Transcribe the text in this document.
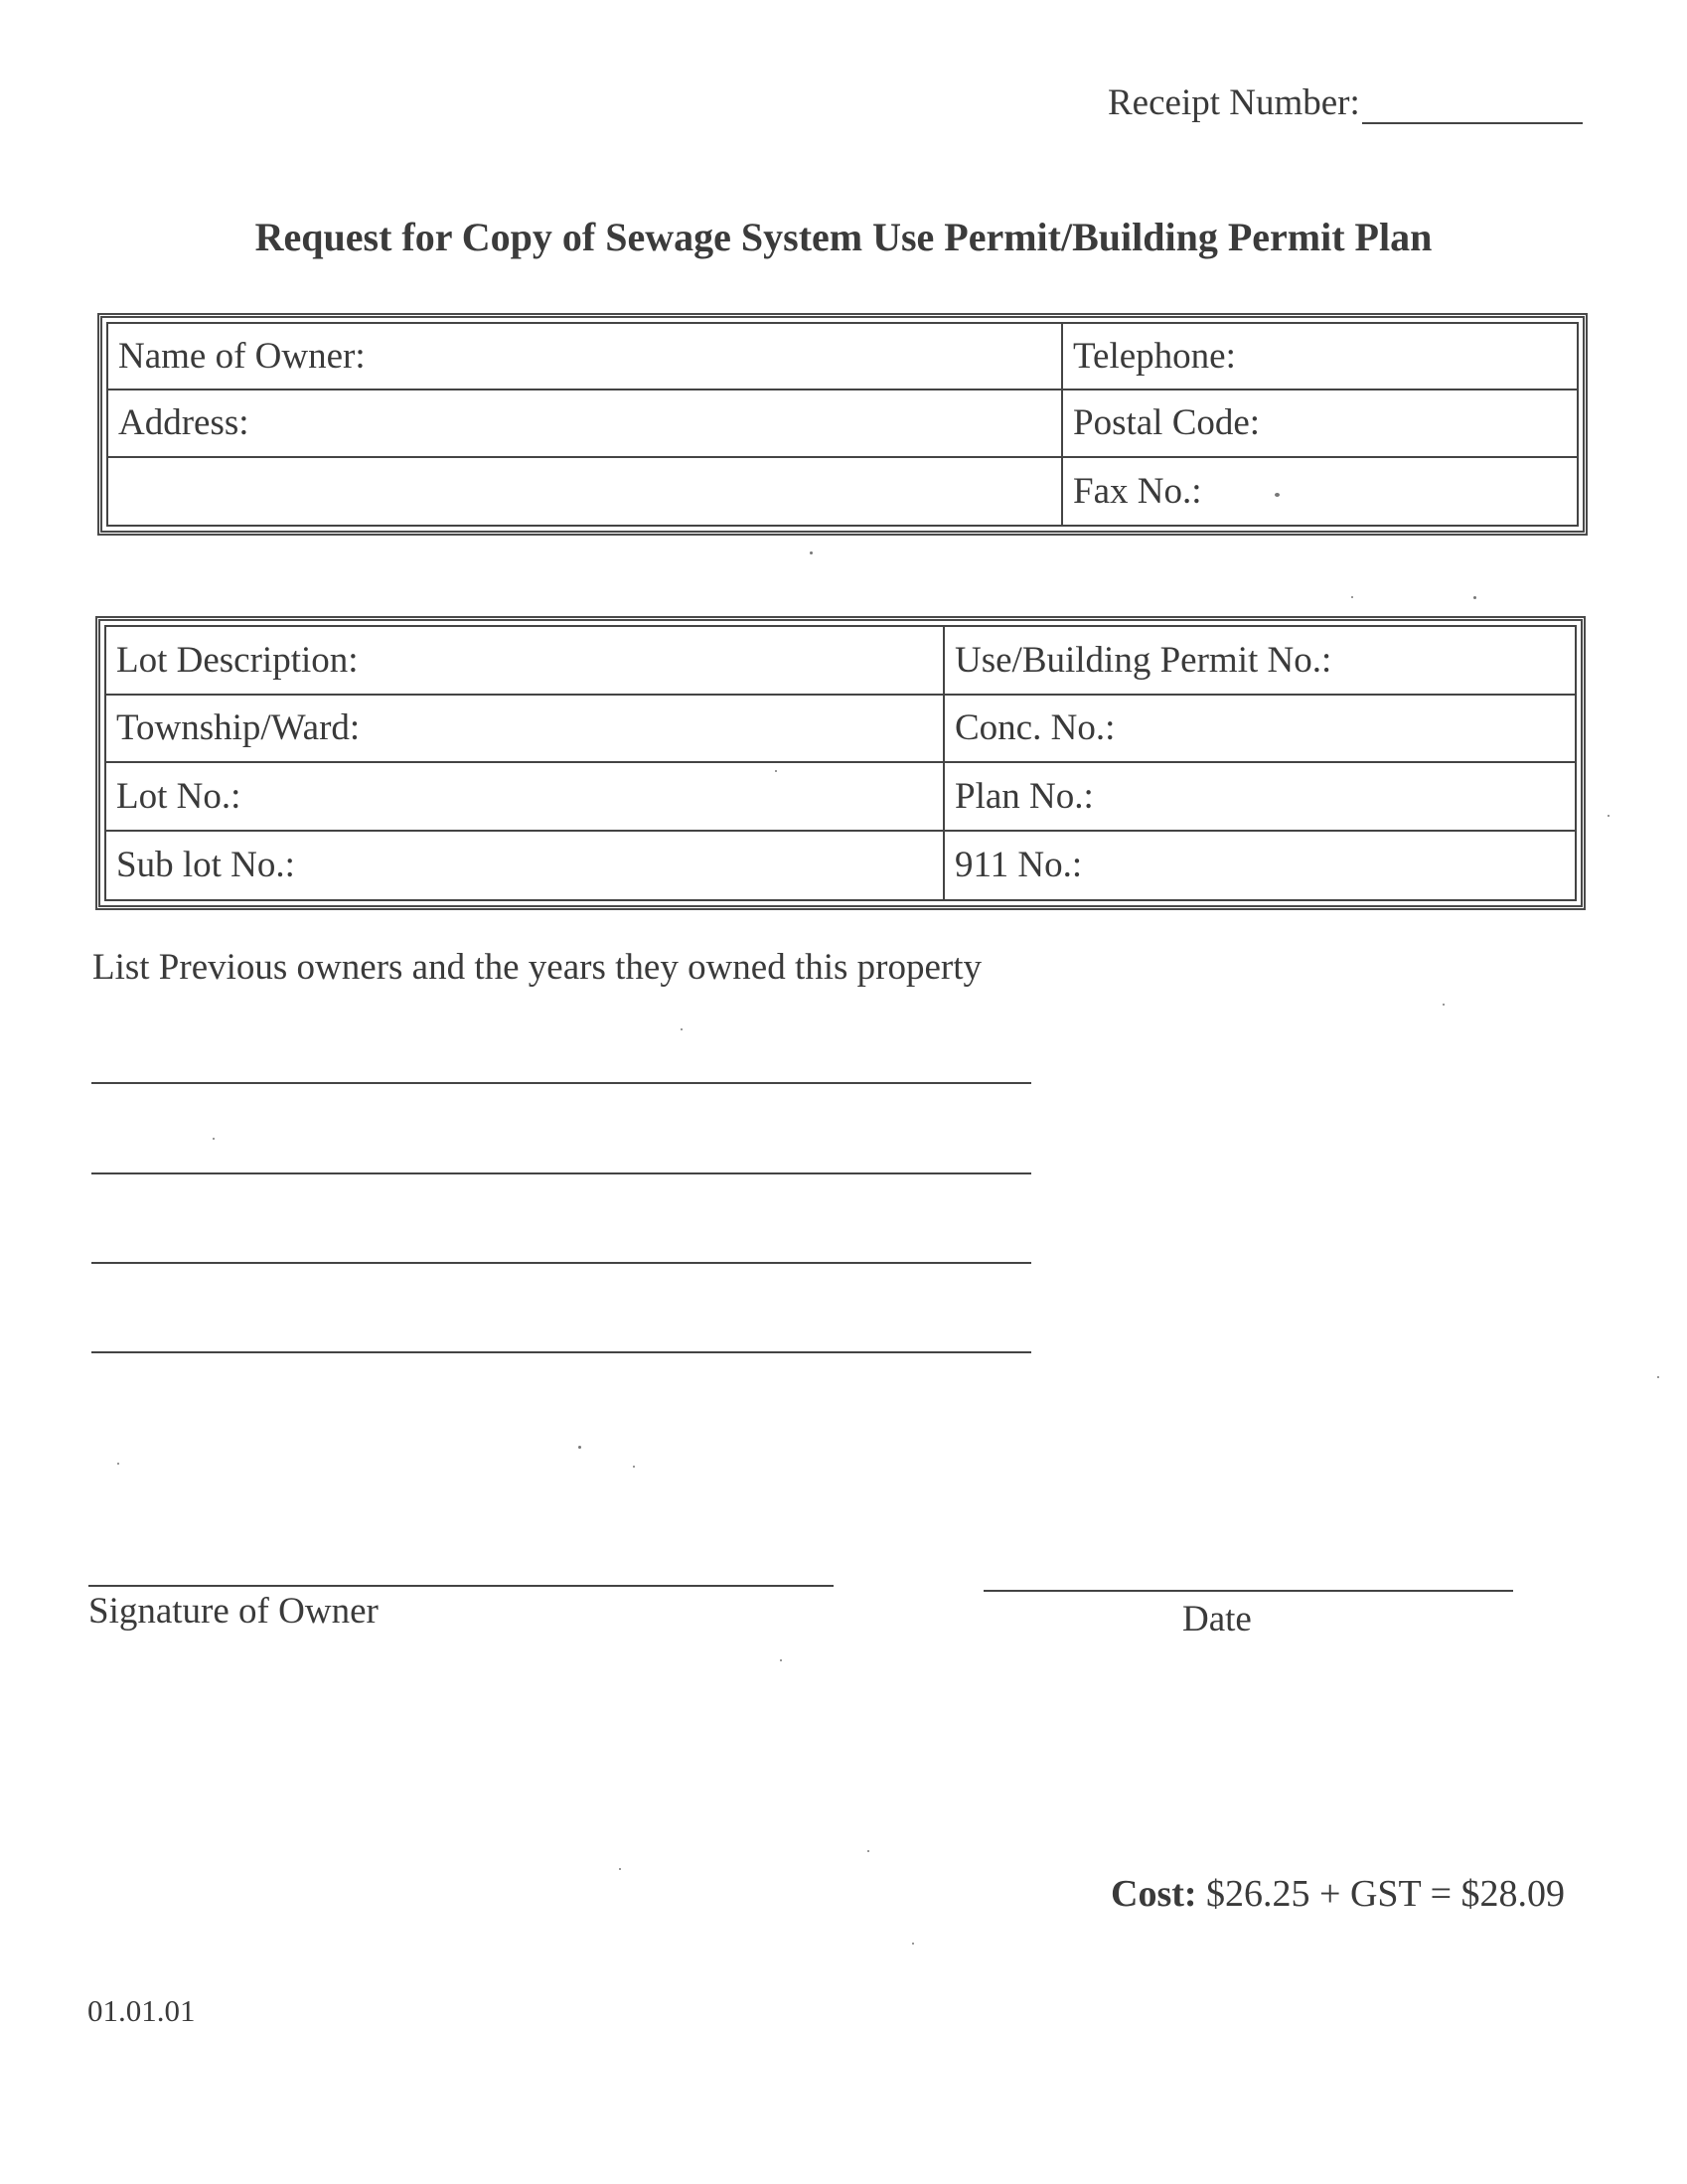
Receipt Number:
Request for Copy of Sewage System Use Permit/Building Permit Plan
Name of Owner:	Telephone:
Address:	Postal Code:
Fax No.:
Lot Description:	Use/Building Permit No.:
Township/Ward:	Conc. No.:
Lot No.:	Plan No.:
Sub lot No.:	911 No.:
List Previous owners and the years they owned this property
Signature of Owner	Date
Cost: $26.25 + GST = $28.09
01.01.01
